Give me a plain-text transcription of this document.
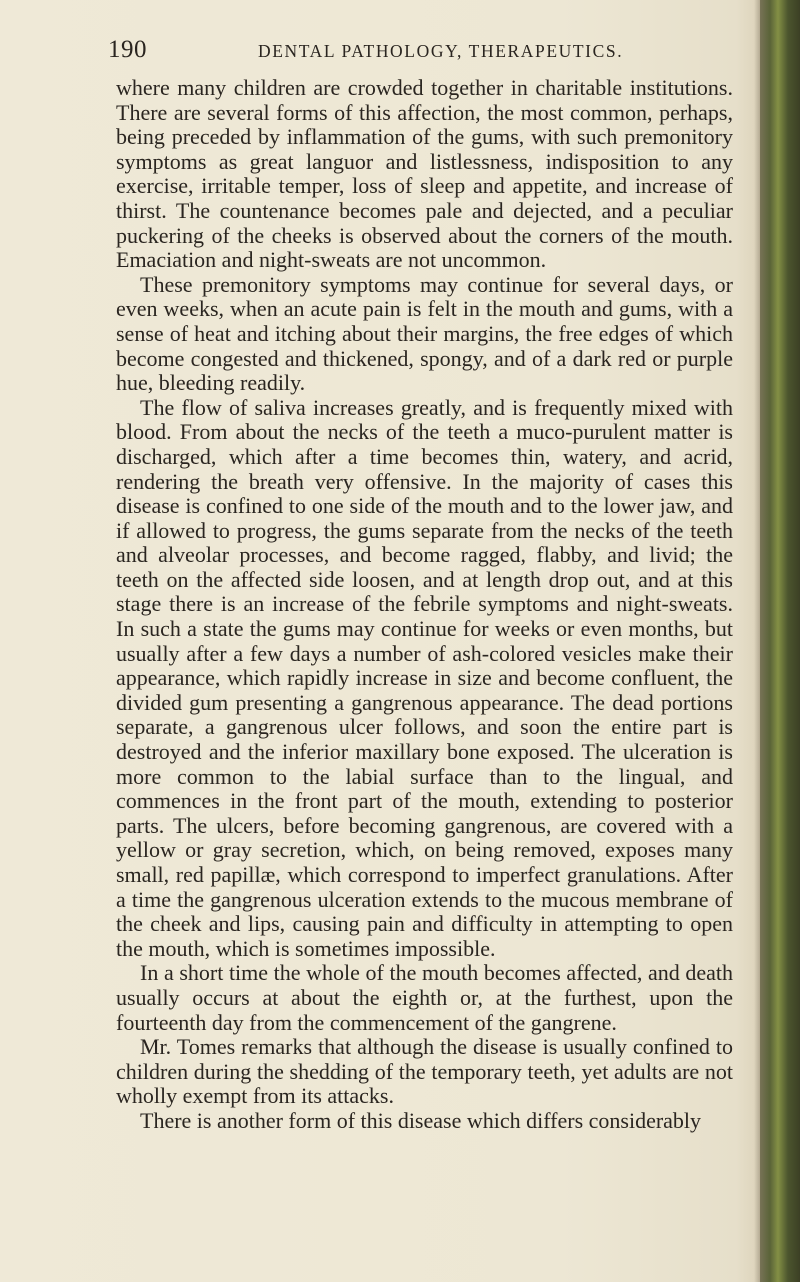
190	DENTAL PATHOLOGY, THERAPEUTICS.

where many children are crowded together in charitable institutions. There are several forms of this affection, the most common, perhaps, being preceded by inflammation of the gums, with such premonitory symptoms as great languor and listlessness, indisposition to any exercise, irritable temper, loss of sleep and appetite, and increase of thirst. The countenance becomes pale and dejected, and a peculiar puckering of the cheeks is observed about the corners of the mouth. Emaciation and night-sweats are not uncommon.

These premonitory symptoms may continue for several days, or even weeks, when an acute pain is felt in the mouth and gums, with a sense of heat and itching about their margins, the free edges of which become congested and thickened, spongy, and of a dark red or purple hue, bleeding readily.

The flow of saliva increases greatly, and is frequently mixed with blood. From about the necks of the teeth a muco-purulent matter is discharged, which after a time becomes thin, watery, and acrid, rendering the breath very offensive. In the majority of cases this disease is confined to one side of the mouth and to the lower jaw, and if allowed to progress, the gums separate from the necks of the teeth and alveolar processes, and become ragged, flabby, and livid; the teeth on the affected side loosen, and at length drop out, and at this stage there is an increase of the febrile symptoms and night-sweats. In such a state the gums may continue for weeks or even months, but usually after a few days a number of ash-colored vesicles make their appearance, which rapidly increase in size and become confluent, the divided gum presenting a gangrenous appearance. The dead portions separate, a gangrenous ulcer follows, and soon the entire part is destroyed and the inferior maxillary bone exposed. The ulceration is more common to the labial surface than to the lingual, and commences in the front part of the mouth, extending to posterior parts. The ulcers, before becoming gangrenous, are covered with a yellow or gray secretion, which, on being removed, exposes many small, red papillæ, which correspond to imperfect granulations. After a time the gangrenous ulceration extends to the mucous membrane of the cheek and lips, causing pain and difficulty in attempting to open the mouth, which is sometimes impossible.

In a short time the whole of the mouth becomes affected, and death usually occurs at about the eighth or, at the furthest, upon the fourteenth day from the commencement of the gangrene.

Mr. Tomes remarks that although the disease is usually confined to children during the shedding of the temporary teeth, yet adults are not wholly exempt from its attacks.

There is another form of this disease which differs considerably
